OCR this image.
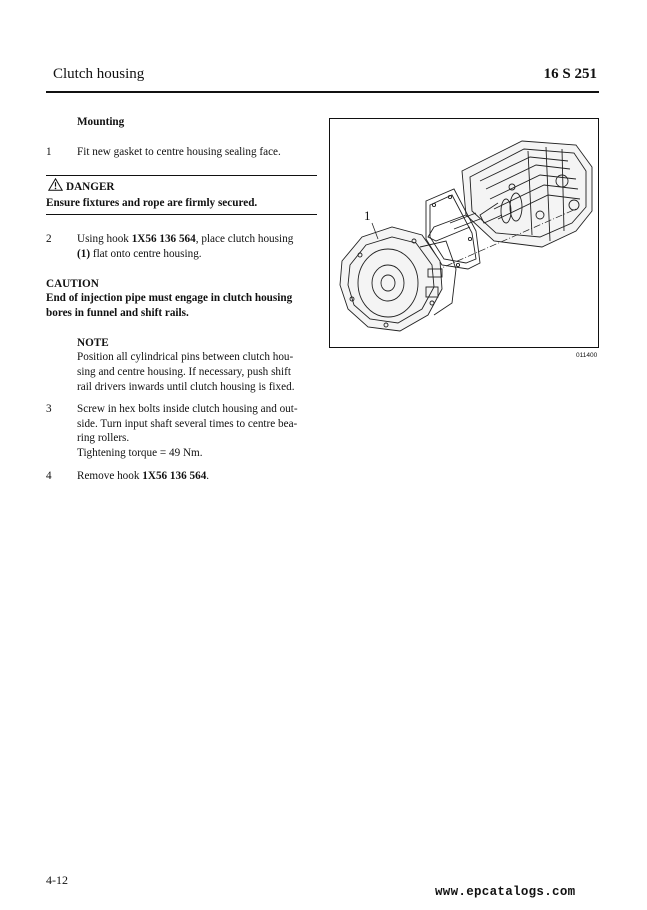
Clutch housing	16 S 251
Mounting
1 Fit new gasket to centre housing sealing face.
DANGER
Ensure fixtures and rope are firmly secured.
2 Using hook 1X56 136 564, place clutch housing
(1) flat onto centre housing.
CAUTION
End of injection pipe must engage in clutch housing
bores in funnel and shift rails.
NOTE
Position all cylindrical pins between clutch hou-
sing and centre housing. If necessary, push shift
rail drivers inwards until clutch housing is fixed.
3 Screw in hex bolts inside clutch housing and out-
side. Turn input shaft several times to centre bea-
ring rollers.
Tightening torque = 49 Nm.
4 Remove hook 1X56 136 564.
1
011400
4-12
www.epcatalogs.com
